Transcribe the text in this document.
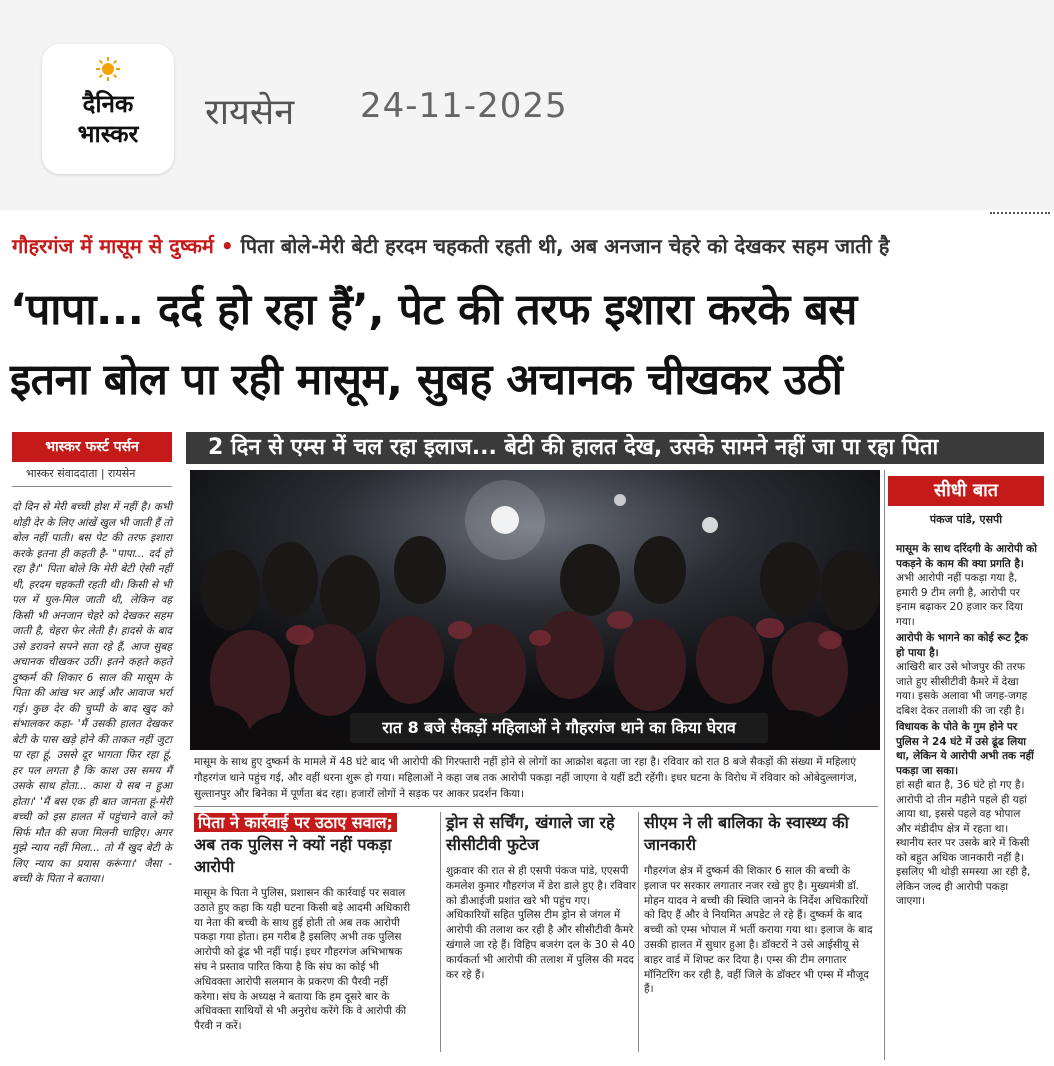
दैनिक
भास्कर
रायसेन 24-11-2025
गौहरगंज में मासूम से दुष्कर्म • पिता बोले-मेरी बेटी हरदम चहकती रहती थी, अब अनजान चेहरे को देखकर सहम जाती है
‘पापा... दर्द हो रहा हैं’, पेट की तरफ इशारा करके बस
इतना बोल पा रही मासूम, सुबह अचानक चीखकर उठीं
भास्कर फर्स्ट पर्सन
भास्कर संवाददाता | रायसेन
दो दिन से मेरी बच्ची होश में नहीं है। कभी थोड़ी देर के लिए आंखें खुल भी जाती हैं तो बोल नहीं पाती। बस पेट की तरफ इशारा करके इतना ही कहती है- "पापा... दर्द हो रहा है।" पिता बोले कि मेरी बेटी ऐसी नहीं थी, हरदम चहकती रहती थी। किसी से भी पल में घुल-मिल जाती थी, लेकिन वह किसी भी अनजान चेहरे को देखकर सहम जाती है, चेहरा फेर लेती है। हादसे के बाद उसे डरावने सपने सता रहे हैं, आज सुबह अचानक चीखकर उठीं। इतने कहते कहते दुष्कर्म की शिकार 6 साल की मासूम के पिता की आंख भर आई और आवाज भर्रा गई। कुछ देर की चुप्पी के बाद खुद को संभालकर कहा- 'मैं उसकी हालत देखकर बेटी के पास खड़े होने की ताकत नहीं जुटा पा रहा हूं, उससे दूर भागता फिर रहा हूं, हर पल लगता है कि काश उस समय मैं उसके साथ होता... काश ये सब न हुआ होता।' 'मैं बस एक ही बात जानता हूं-मेरी बच्ची को इस हालत में पहुंचाने वाले को सिर्फ मौत की सजा मिलनी चाहिए। अगर मुझे न्याय नहीं मिला... तो मैं खुद बेटी के लिए न्याय का प्रयास करूंगा।' जैसा - बच्ची के पिता ने बताया।
2 दिन से एम्स में चल रहा इलाज... बेटी की हालत देख, उसके सामने नहीं जा पा रहा पिता
रात 8 बजे सैकड़ों महिलाओं ने गौहरगंज थाने का किया घेराव
मासूम के साथ हुए दुष्कर्म के मामले में 48 घंटे बाद भी आरोपी की गिरफ्तारी नहीं होने से लोगों का आक्रोश बढ़ता जा रहा है। रविवार को रात 8 बजे सैकड़ों की संख्या में महिलाएं गौहरगंज थाने पहुंच गई, और वहीं धरना शुरू हो गया। महिलाओं ने कहा जब तक आरोपी पकड़ा नहीं जाएगा वे यहीं डटी रहेंगी। इधर घटना के विरोध में रविवार को ओबेदुल्लागंज, सुल्तानपुर और बिनेका में पूर्णता बंद रहा। हजारों लोगों ने सड़क पर आकर प्रदर्शन किया।
पिता ने कार्रवाई पर उठाए सवाल; अब तक पुलिस ने क्यों नहीं पकड़ा आरोपी
मासूम के पिता ने पुलिस, प्रशासन की कार्रवाई पर सवाल उठाते हुए कहा कि यही घटना किसी बड़े आदमी अधिकारी या नेता की बच्ची के साथ हुई होती तो अब तक आरोपी पकड़ा गया होता। हम गरीब है इसलिए अभी तक पुलिस आरोपी को ढूंढ भी नहीं पाई। इधर गौहरगंज अभिभाषक संघ ने प्रस्ताव पारित किया है कि संघ का कोई भी अधिवक्ता आरोपी सलमान के प्रकरण की पैरवी नहीं करेगा। संघ के अध्यक्ष ने बताया कि हम दूसरे बार के अधिवक्ता साथियों से भी अनुरोध करेंगे कि वे आरोपी की पैरवी न करें।
ड्रोन से सर्चिंग, खंगाले जा रहे सीसीटीवी फुटेज
शुक्रवार की रात से ही एसपी पंकज पांडे, एएसपी कमलेश कुमार गौहरगंज में डेरा डाले हुए है। रविवार को डीआईजी प्रशांत खरे भी पहुंच गए। अधिकारियों सहित पुलिस टीम ड्रोन से जंगल में आरोपी की तलाश कर रही है और सीसीटीवी कैमरे खंगाले जा रहे हैं। विहिप बजरंग दल के 30 से 40 कार्यकर्ता भी आरोपी की तलाश में पुलिस की मदद कर रहे हैं।
सीएम ने ली बालिका के स्वास्थ्य की जानकारी
गौहरगंज क्षेत्र में दुष्कर्म की शिकार 6 साल की बच्ची के इलाज पर सरकार लगातार नजर रखे हुए है। मुख्यमंत्री डॉ. मोहन यादव ने बच्ची की स्थिति जानने के निर्देश अधिकारियों को दिए हैं और वे नियमित अपडेट ले रहे हैं। दुष्कर्म के बाद बच्ची को एम्स भोपाल में भर्ती कराया गया था। इलाज के बाद उसकी हालत में सुधार हुआ है। डॉक्टरों ने उसे आईसीयू से बाहर वार्ड में शिफ्ट कर दिया है। एम्स की टीम लगातार मॉनिटरिंग कर रही है, वहीं जिले के डॉक्टर भी एम्स में मौजूद हैं।
सीधी बात
पंकज पांडे, एसपी
मासूम के साथ दरिंदगी के आरोपी को पकड़ने के काम की क्या प्रगति है।
अभी आरोपी नहीं पकड़ा गया है, हमारी 9 टीम लगी है, आरोपी पर इनाम बढ़ाकर 20 हजार कर दिया गया।
आरोपी के भागने का कोई रूट ट्रैक हो पाया है।
आखिरी बार उसे भोजपुर की तरफ जाते हुए सीसीटीवी कैमरे में देखा गया। इसके अलावा भी जगह-जगह दबिश देकर तलाशी की जा रही है।
विधायक के पोते के गुम होने पर पुलिस ने 24 घंटे में उसे ढूंढ लिया था, लेकिन ये आरोपी अभी तक नहीं पकड़ा जा सका।
हां सही बात है, 36 घंटे हो गए है। आरोपी दो तीन महीने पहले ही यहां आया था, इससे पहले वह भोपाल और मंडीदीप क्षेत्र में रहता था। स्थानीय स्तर पर उसके बारे में किसी को बहुत अधिक जानकारी नहीं है। इसलिए भी थोड़ी समस्या आ रही है, लेकिन जल्द ही आरोपी पकड़ा जाएगा।
